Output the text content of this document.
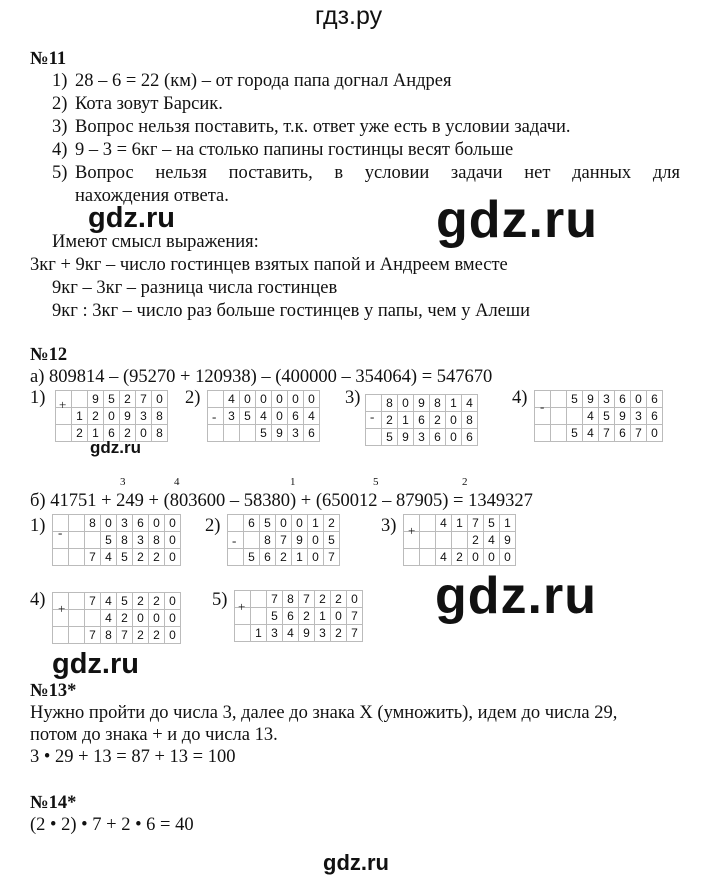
гдз.ру
№11
1) 28 – 6 = 22 (км) – от города папа догнал Андрея
2) Кота зовут Барсик.
3) Вопрос нельзя поставить, т.к. ответ уже есть в условии задачи.
4) 9 – 3 = 6кг – на столько папины гостинцы весят больше
5) Вопрос нельзя поставить, в условии задачи нет данных для
нахождения ответа.
gdz.ru	gdz.ru
Имеют смысл выражения:
3кг + 9кг – число гостинцев взятых папой и Андреем вместе
9кг – 3кг – разница числа гостинцев
9кг : 3кг – число раз больше гостинцев у папы, чем у Алеши
№12
а) 809814 – (95270 + 120938) – (400000 – 354064) = 547670
1)
			9	5	2	7	0
	1	2	0	9	3	8
	2	1	6	2	0	8
+	2)
	4	0	0	0	0	0
	3	5	4	0	6	4
			5	9	3	6
-
3)
	8	0	9	8	1	4
	2	1	6	2	0	8
	5	9	3	6	0	6
-
4)
			5	9	3	6	0	6
			4	5	9	3	6
		5	4	7	6	7	0
-
gdz.ru
3	4	1	5	2
б) 41751 + 249 + (803600 – 58380) + (650012 – 87905) = 1349327
1)
			8	0	3	6	0	0
			5	8	3	8	0
		7	4	5	2	2	0
-	2)
	6	5	0	0	1	2
		8	7	9	0	5
	5	6	2	1	0	7
-
3)
			4	1	7	5	1
				2	4	9
		4	2	0	0	0
+
4)
			7	4	5	2	2	0
			4	2	0	0	0
		7	8	7	2	2	0
+	5)
			7	8	7	2	2	0
		5	6	2	1	0	7
	1	3	4	9	3	2	7
+	gdz.ru
gdz.ru
№13*
Нужно пройти до числа 3, далее до знака X (умножить), идем до числа 29,
потом до знака + и до числа 13.
3 • 29 + 13 = 87 + 13 = 100
№14*
(2 • 2) • 7 + 2 • 6 = 40
gdz.ru
